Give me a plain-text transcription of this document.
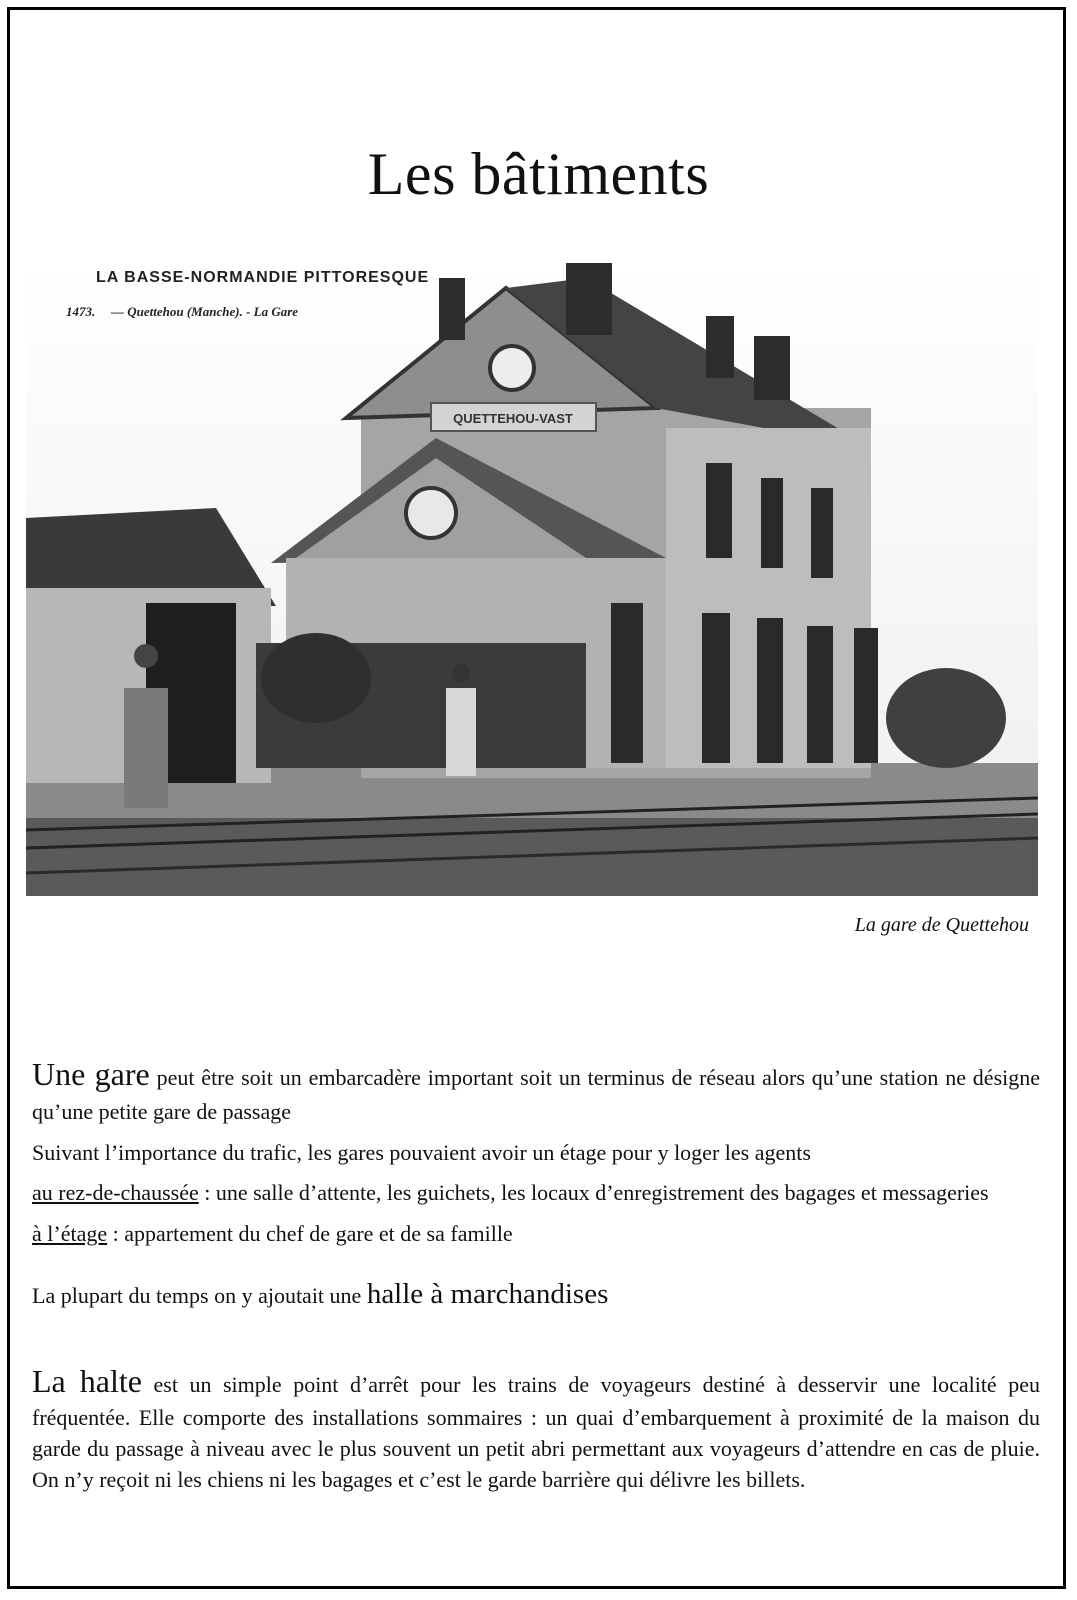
Les bâtiments
QUETTEHOU-VAST
LA BASSE-NORMANDIE PITTORESQUE
1473. — Quettehou (Manche). - La Gare
La gare de Quettehou

Une gare peut être soit un embarcadère important soit un terminus de réseau alors qu’une station ne désigne qu’une petite gare de passage

Suivant l’importance du trafic, les gares pouvaient avoir un étage pour y loger les agents

au rez-de-chaussée : une salle d’attente, les guichets, les locaux d’enregistrement des bagages et messageries

à l’étage : appartement du chef de gare et de sa famille

La plupart du temps on y ajoutait une halle à marchandises

La halte est un simple point d’arrêt pour les trains de voyageurs destiné à desservir une localité peu fréquentée. Elle comporte des installations sommaires : un quai d’embarquement à proximité de la maison du garde du passage à niveau avec le plus souvent un petit abri permettant aux voyageurs d’attendre en cas de pluie. On n’y reçoit ni les chiens ni les bagages et c’est le garde barrière qui délivre les billets.
